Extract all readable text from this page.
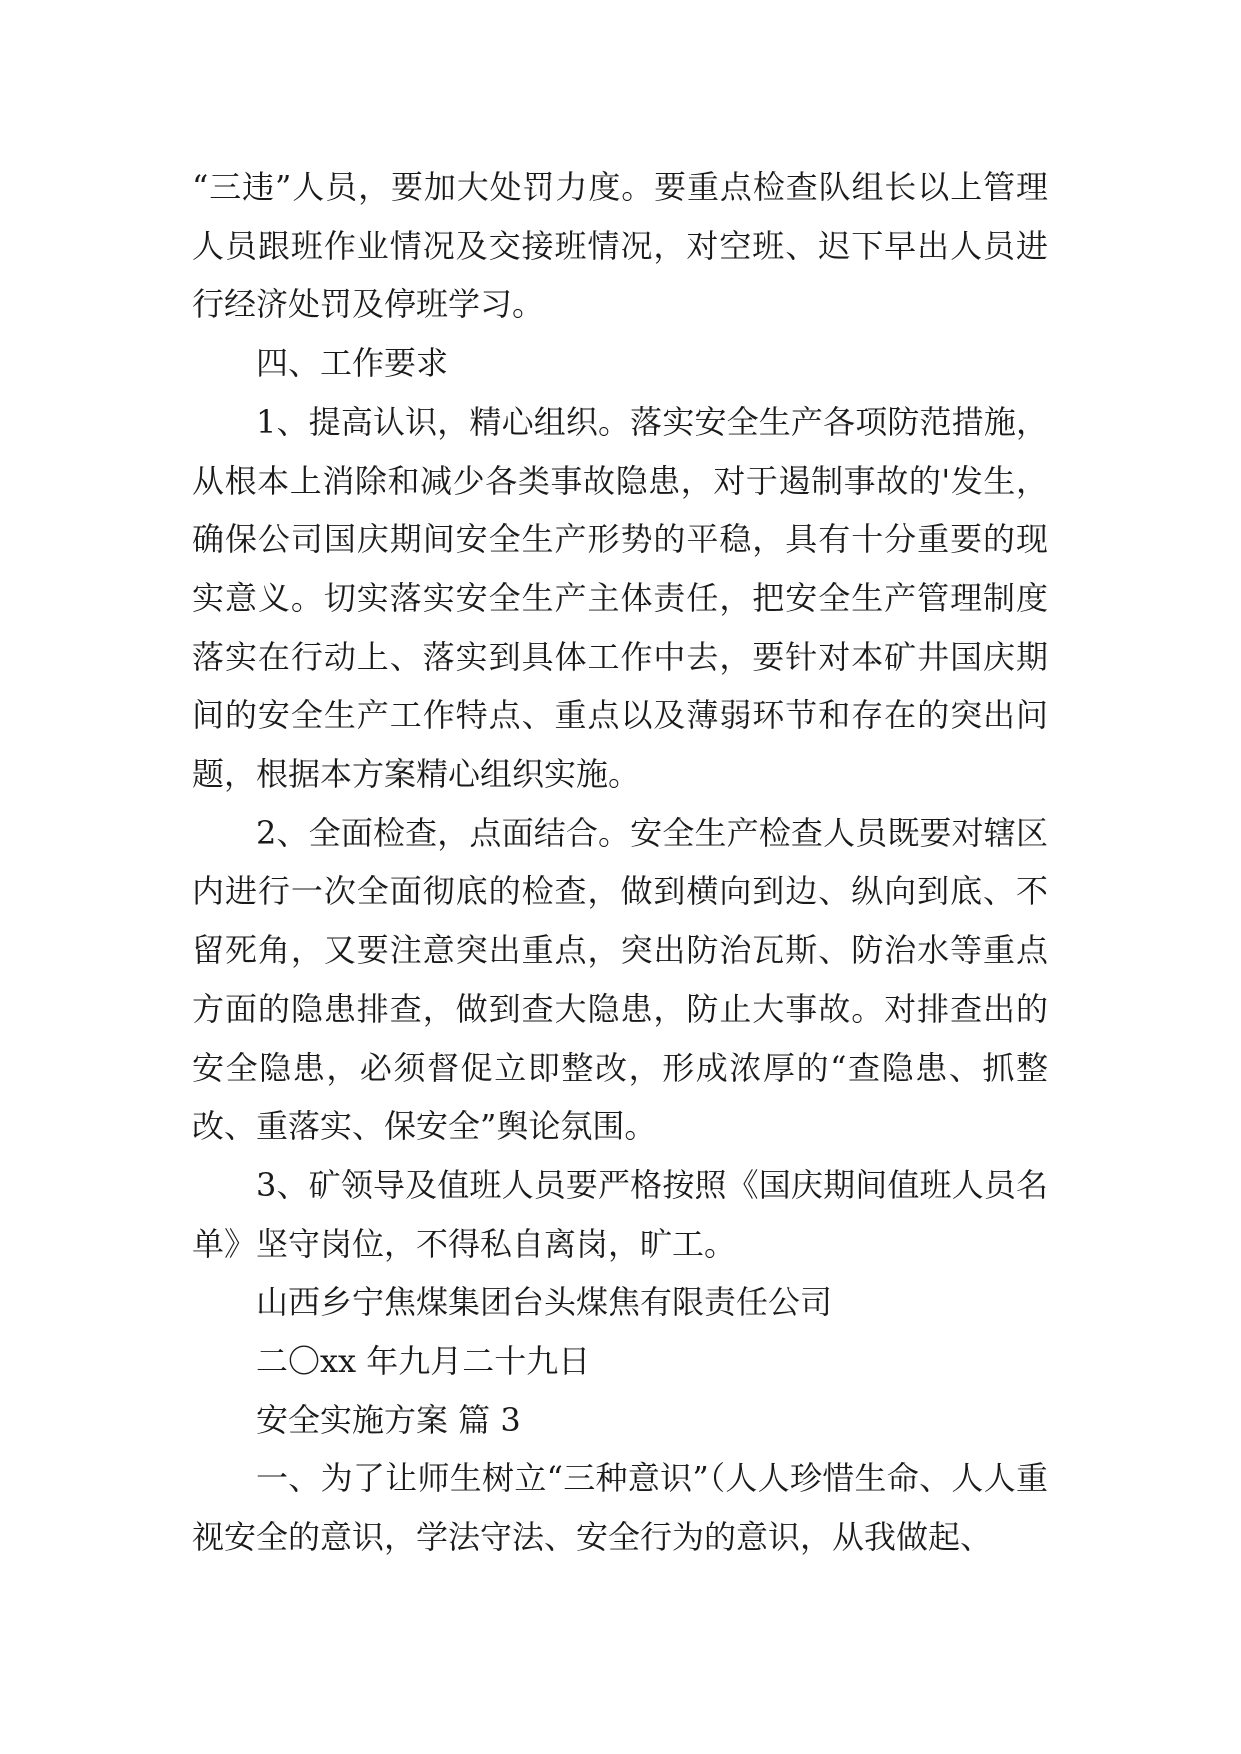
“三违”人员，要加大处罚力度。要重点检查队组长以上管理人员跟班作业情况及交接班情况，对空班、迟下早出人员进行经济处罚及停班学习。

四、工作要求

1、提高认识，精心组织。落实安全生产各项防范措施，从根本上消除和减少各类事故隐患，对于遏制事故的'发生，确保公司国庆期间安全生产形势的平稳，具有十分重要的现实意义。切实落实安全生产主体责任，把安全生产管理制度落实在行动上、落实到具体工作中去，要针对本矿井国庆期间的安全生产工作特点、重点以及薄弱环节和存在的突出问题，根据本方案精心组织实施。

2、全面检查，点面结合。安全生产检查人员既要对辖区内进行一次全面彻底的检查，做到横向到边、纵向到底、不留死角，又要注意突出重点，突出防治瓦斯、防治水等重点方面的隐患排查，做到查大隐患，防止大事故。对排查出的安全隐患，必须督促立即整改，形成浓厚的“查隐患、抓整改、重落实、保安全”舆论氛围。

3、矿领导及值班人员要严格按照《国庆期间值班人员名单》坚守岗位，不得私自离岗，旷工。

山西乡宁焦煤集团台头煤焦有限责任公司

二〇xx 年九月二十九日

安全实施方案 篇 3

一、为了让师生树立“三种意识”（人人珍惜生命、人人重视安全的意识，学法守法、安全行为的意识，从我做起、
